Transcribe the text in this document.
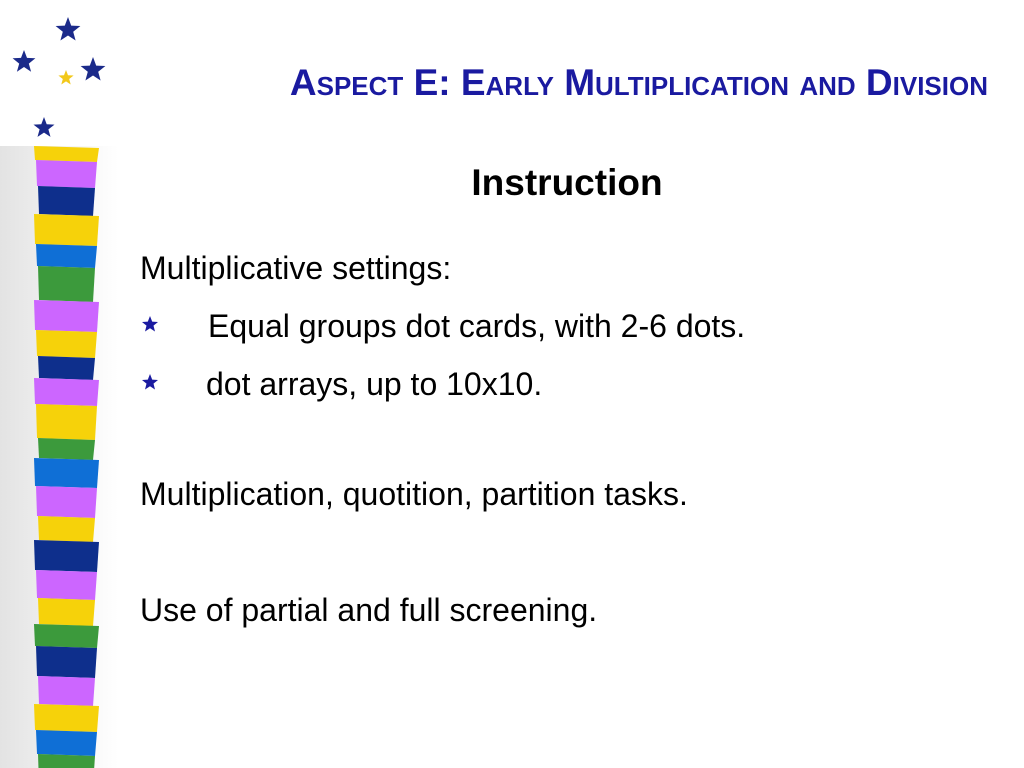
Aspect E: Early Multiplication and Division
Instruction
Multiplicative settings:
Equal groups dot cards, with 2-6 dots.
dot arrays, up to 10x10.
Multiplication, quotition, partition tasks.
Use of partial and full screening.
